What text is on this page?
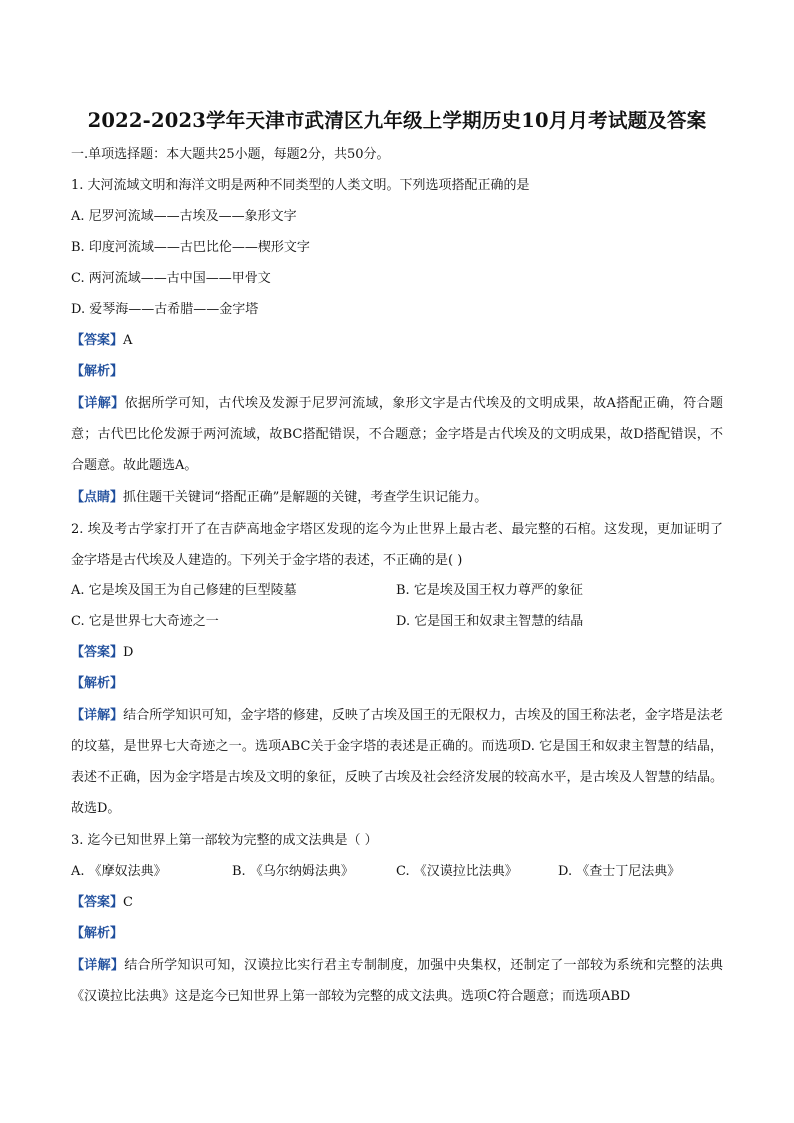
2022-2023学年天津市武清区九年级上学期历史10月月考试题及答案
一.单项选择题：本大题共25小题，每题2分，共50分。
1. 大河流域文明和海洋文明是两种不同类型的人类文明。下列选项搭配正确的是
A. 尼罗河流域——古埃及——象形文字
B. 印度河流域——古巴比伦——楔形文字
C. 两河流域——古中国——甲骨文
D. 爱琴海——古希腊——金字塔
【答案】A
【解析】
【详解】依据所学可知，古代埃及发源于尼罗河流域，象形文字是古代埃及的文明成果，故A搭配正确，符合题意；古代巴比伦发源于两河流域，故BC搭配错误，不合题意；金字塔是古代埃及的文明成果，故D搭配错误，不合题意。故此题选A。
【点睛】抓住题干关键词“搭配正确”是解题的关键，考查学生识记能力。
2. 埃及考古学家打开了在吉萨高地金字塔区发现的迄今为止世界上最古老、最完整的石棺。这发现，更加证明了金字塔是古代埃及人建造的。下列关于金字塔的表述，不正确的是( )
A. 它是埃及国王为自己修建的巨型陵墓	B. 它是埃及国王权力尊严的象征
C. 它是世界七大奇迹之一	D. 它是国王和奴隶主智慧的结晶
【答案】D
【解析】
【详解】结合所学知识可知，金字塔的修建，反映了古埃及国王的无限权力，古埃及的国王称法老，金字塔是法老的坟墓，是世界七大奇迹之一。选项ABC关于金字塔的表述是正确的。而选项D. 它是国王和奴隶主智慧的结晶，表述不正确，因为金字塔是古埃及文明的象征，反映了古埃及社会经济发展的较高水平，是古埃及人智慧的结晶。故选D。
3. 迄今已知世界上第一部较为完整的成文法典是（ ）
A. 《摩奴法典》	B. 《乌尔纳姆法典》	C. 《汉谟拉比法典》	D. 《查士丁尼法典》
【答案】C
【解析】
【详解】结合所学知识可知，汉谟拉比实行君主专制制度，加强中央集权，还制定了一部较为系统和完整的法典《汉谟拉比法典》这是迄今已知世界上第一部较为完整的成文法典。选项C符合题意；而选项ABD
